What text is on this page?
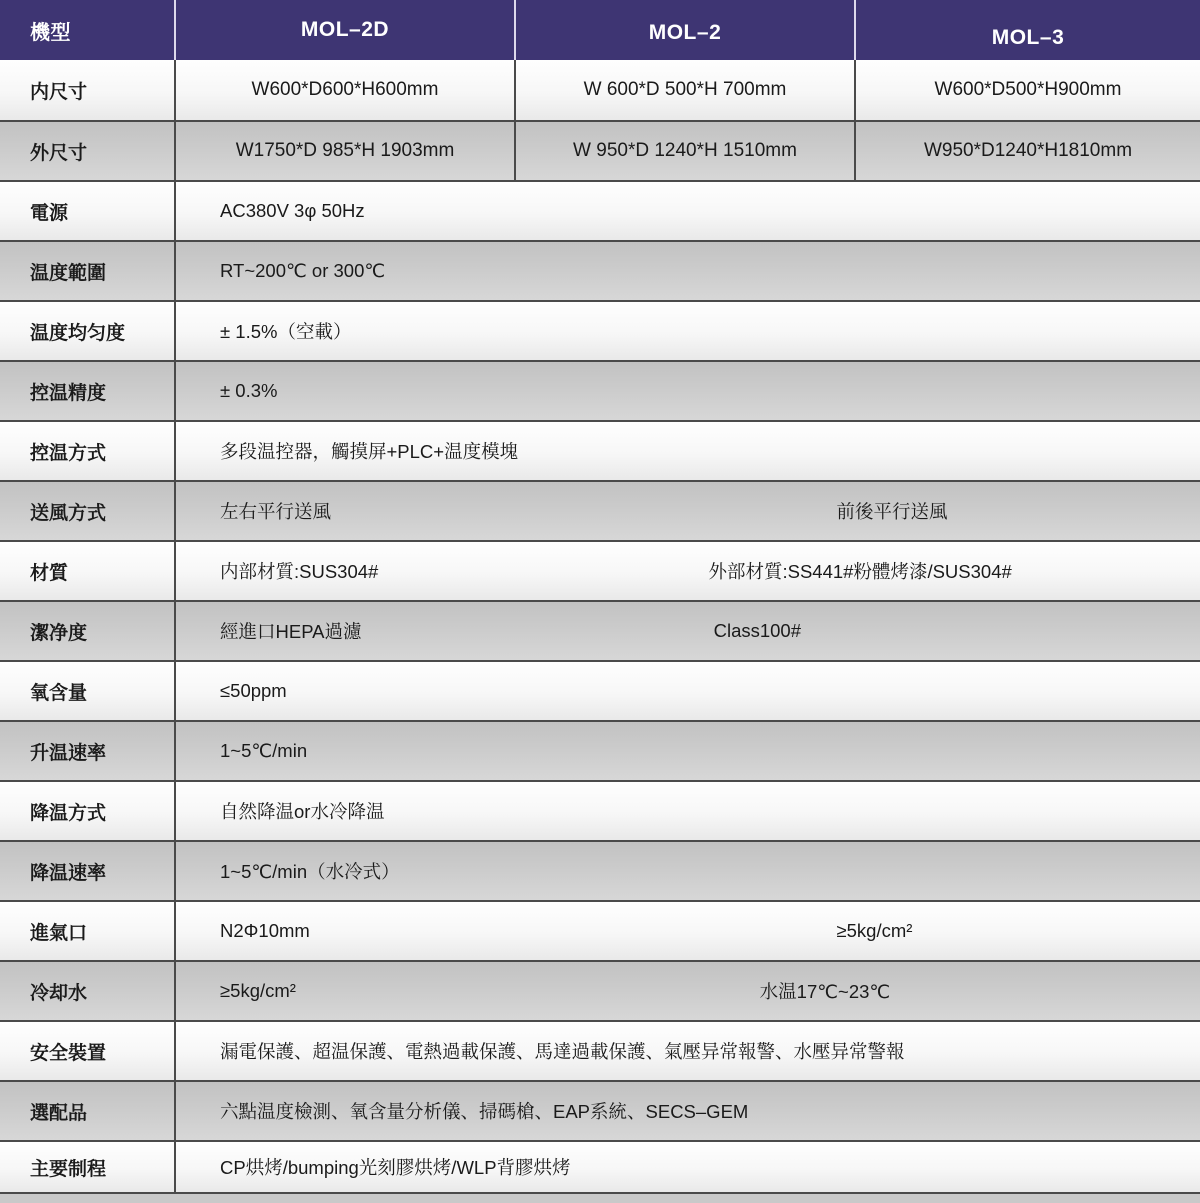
機型	MOL–2D	MOL–2	MOL–3
内尺寸	W600*D600*H600mm	W 600*D 500*H 700mm	W600*D500*H900mm
外尺寸	W1750*D 985*H 1903mm	W 950*D 1240*H 1510mm	W950*D1240*H1810mm
電源	AC380V 3φ 50Hz
温度範圍	RT~200℃ or 300℃
温度均匀度	± 1.5%（空載）
控温精度	± 0.3%
控温方式	多段温控器，觸摸屏+PLC+温度模塊
送風方式	左右平行送風	前後平行送風
材質	内部材質:SUS304#	外部材質:SS441#粉體烤漆/SUS304#
潔净度	經進口HEPA過濾	Class100#
氧含量	≤50ppm
升温速率	1~5℃/min
降温方式	自然降温or水冷降温
降温速率	1~5℃/min（水冷式）
進氣口	N2Φ10mm	≥5kg/cm²
冷却水	≥5kg/cm²	水温17℃~23℃
安全裝置	漏電保護、超温保護、電熱過載保護、馬達過載保護、氣壓异常報警、水壓异常警報
選配品	六點温度檢測、氧含量分析儀、掃碼槍、EAP系統、SECS–GEM
主要制程	CP烘烤/bumping光刻膠烘烤/WLP背膠烘烤
